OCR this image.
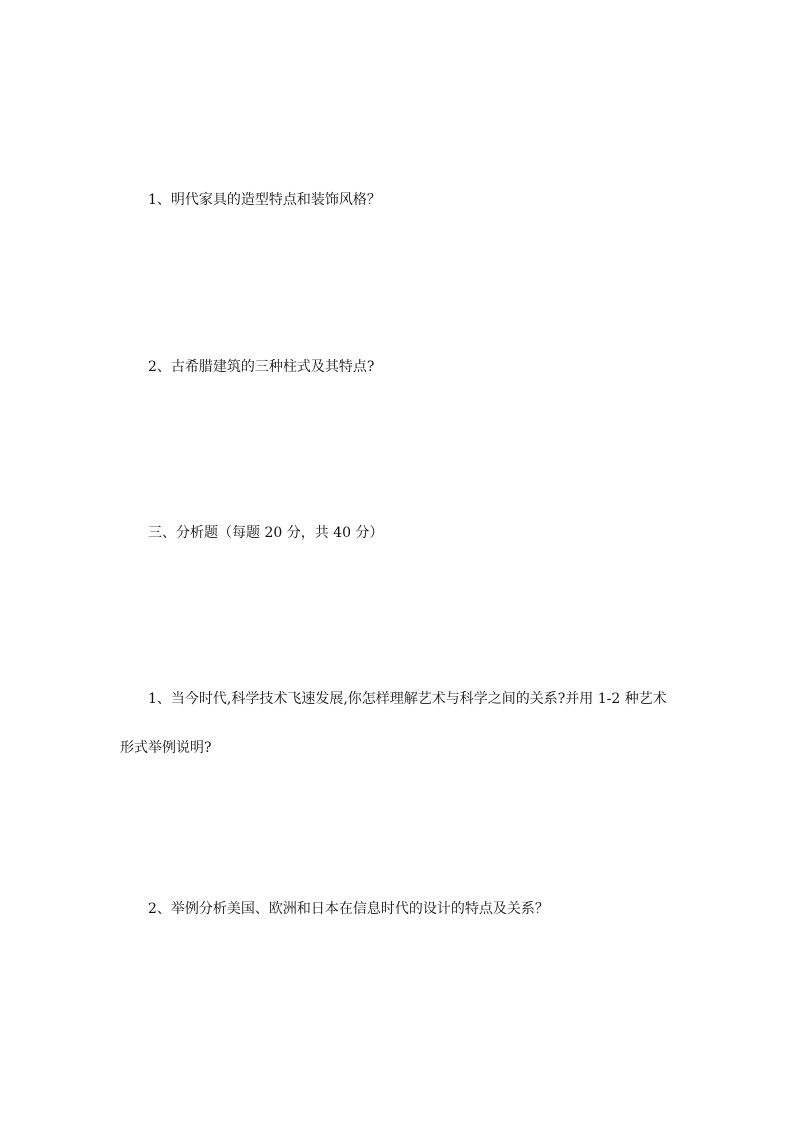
1、明代家具的造型特点和装饰风格？
2、古希腊建筑的三种柱式及其特点?
三、分析题（每题 20 分，共 40 分）
1、当今时代,科学技术飞速发展,你怎样理解艺术与科学之间的关系?并用 1-2 种艺术
形式举例说明?
2、举例分析美国、欧洲和日本在信息时代的设计的特点及关系？
